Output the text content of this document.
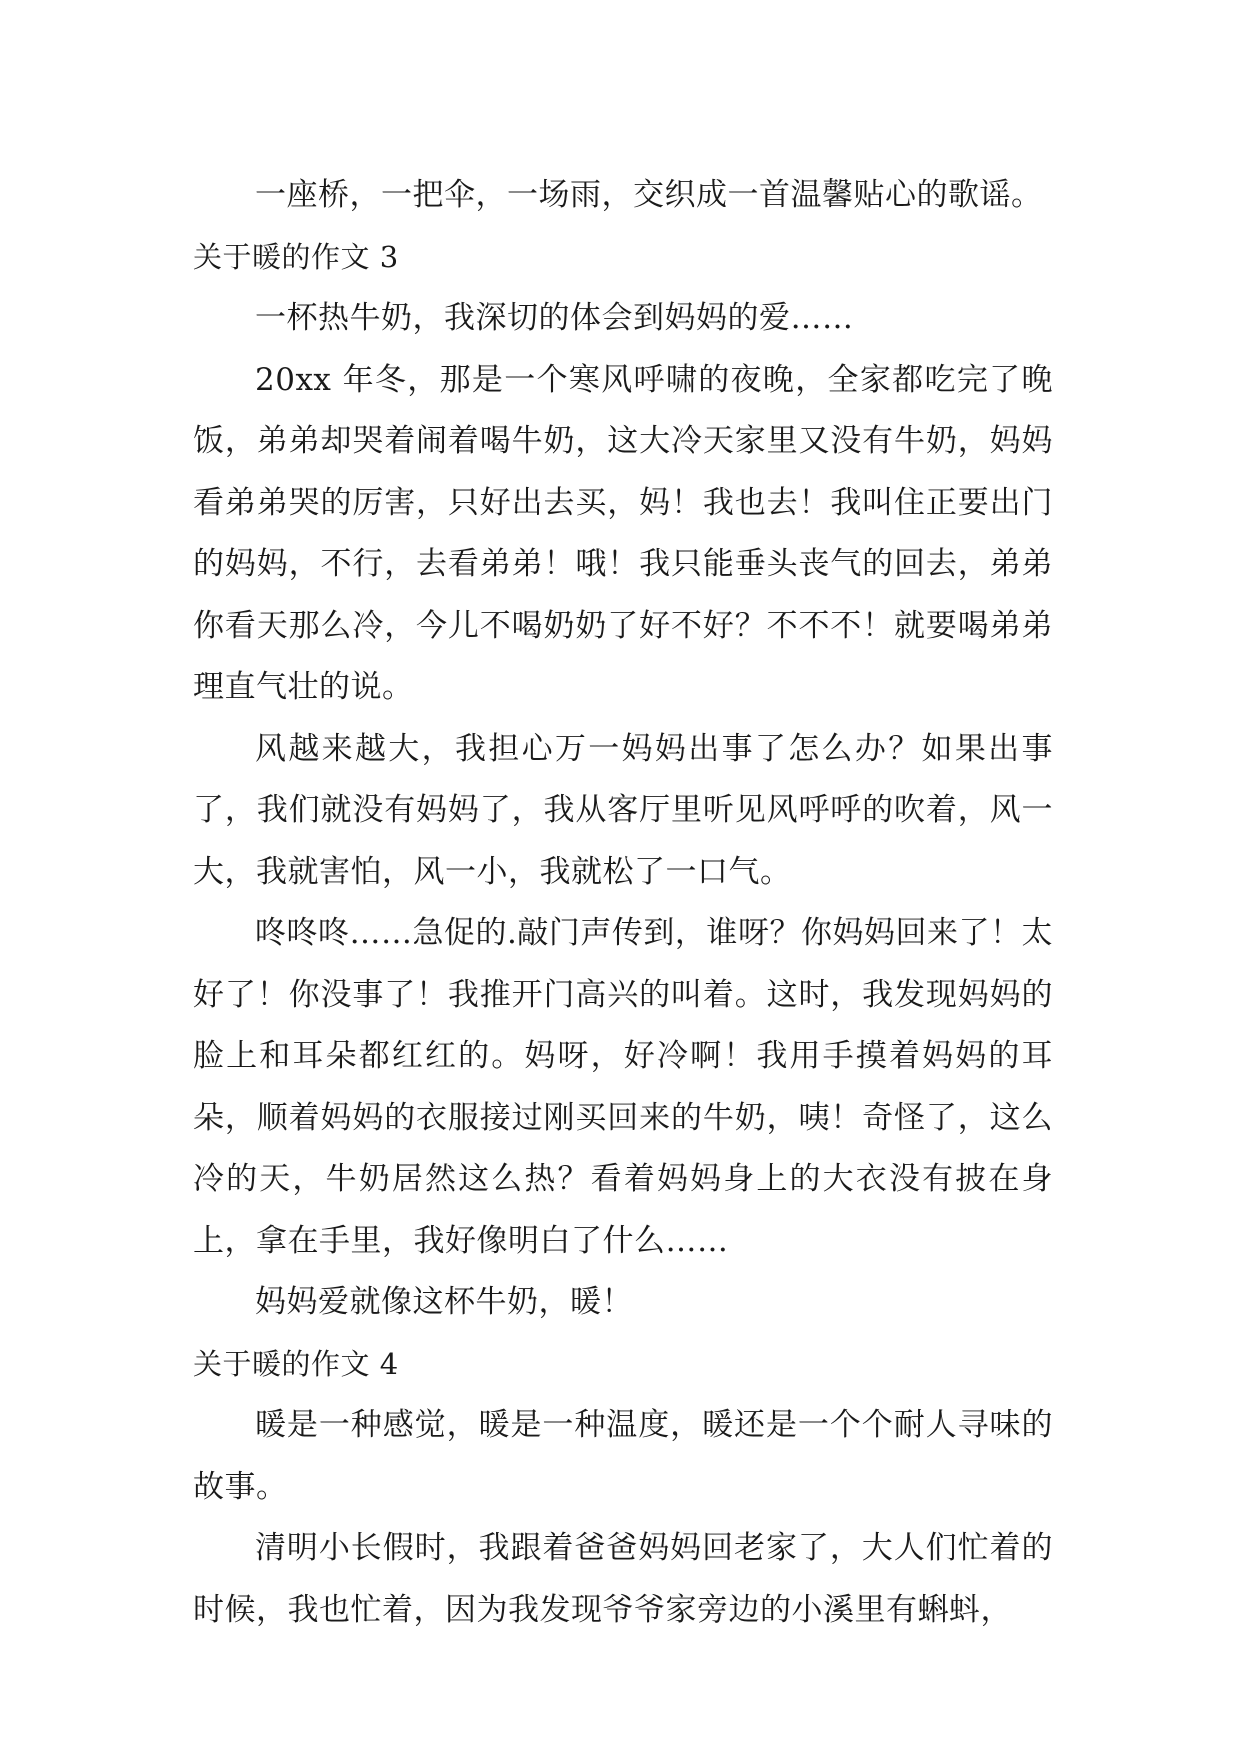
一座桥，一把伞，一场雨，交织成一首温馨贴心的歌谣。

关于暖的作文 3

一杯热牛奶，我深切的体会到妈妈的爱……

20xx 年冬，那是一个寒风呼啸的夜晚，全家都吃完了晚饭，弟弟却哭着闹着喝牛奶，这大冷天家里又没有牛奶，妈妈看弟弟哭的厉害，只好出去买，妈！我也去！我叫住正要出门的妈妈，不行，去看弟弟！哦！我只能垂头丧气的回去，弟弟你看天那么冷，今儿不喝奶奶了好不好？不不不！就要喝弟弟理直气壮的说。

风越来越大，我担心万一妈妈出事了怎么办？如果出事了，我们就没有妈妈了，我从客厅里听见风呼呼的吹着，风一大，我就害怕，风一小，我就松了一口气。

咚咚咚……急促的.敲门声传到，谁呀？你妈妈回来了！太好了！你没事了！我推开门高兴的叫着。这时，我发现妈妈的脸上和耳朵都红红的。妈呀，好冷啊！我用手摸着妈妈的耳朵，顺着妈妈的衣服接过刚买回来的牛奶，咦！奇怪了，这么冷的天，牛奶居然这么热？看着妈妈身上的大衣没有披在身上，拿在手里，我好像明白了什么……

妈妈爱就像这杯牛奶，暖！

关于暖的作文 4

暖是一种感觉，暖是一种温度，暖还是一个个耐人寻味的故事。

清明小长假时，我跟着爸爸妈妈回老家了，大人们忙着的时候，我也忙着，因为我发现爷爷家旁边的小溪里有蝌蚪，
